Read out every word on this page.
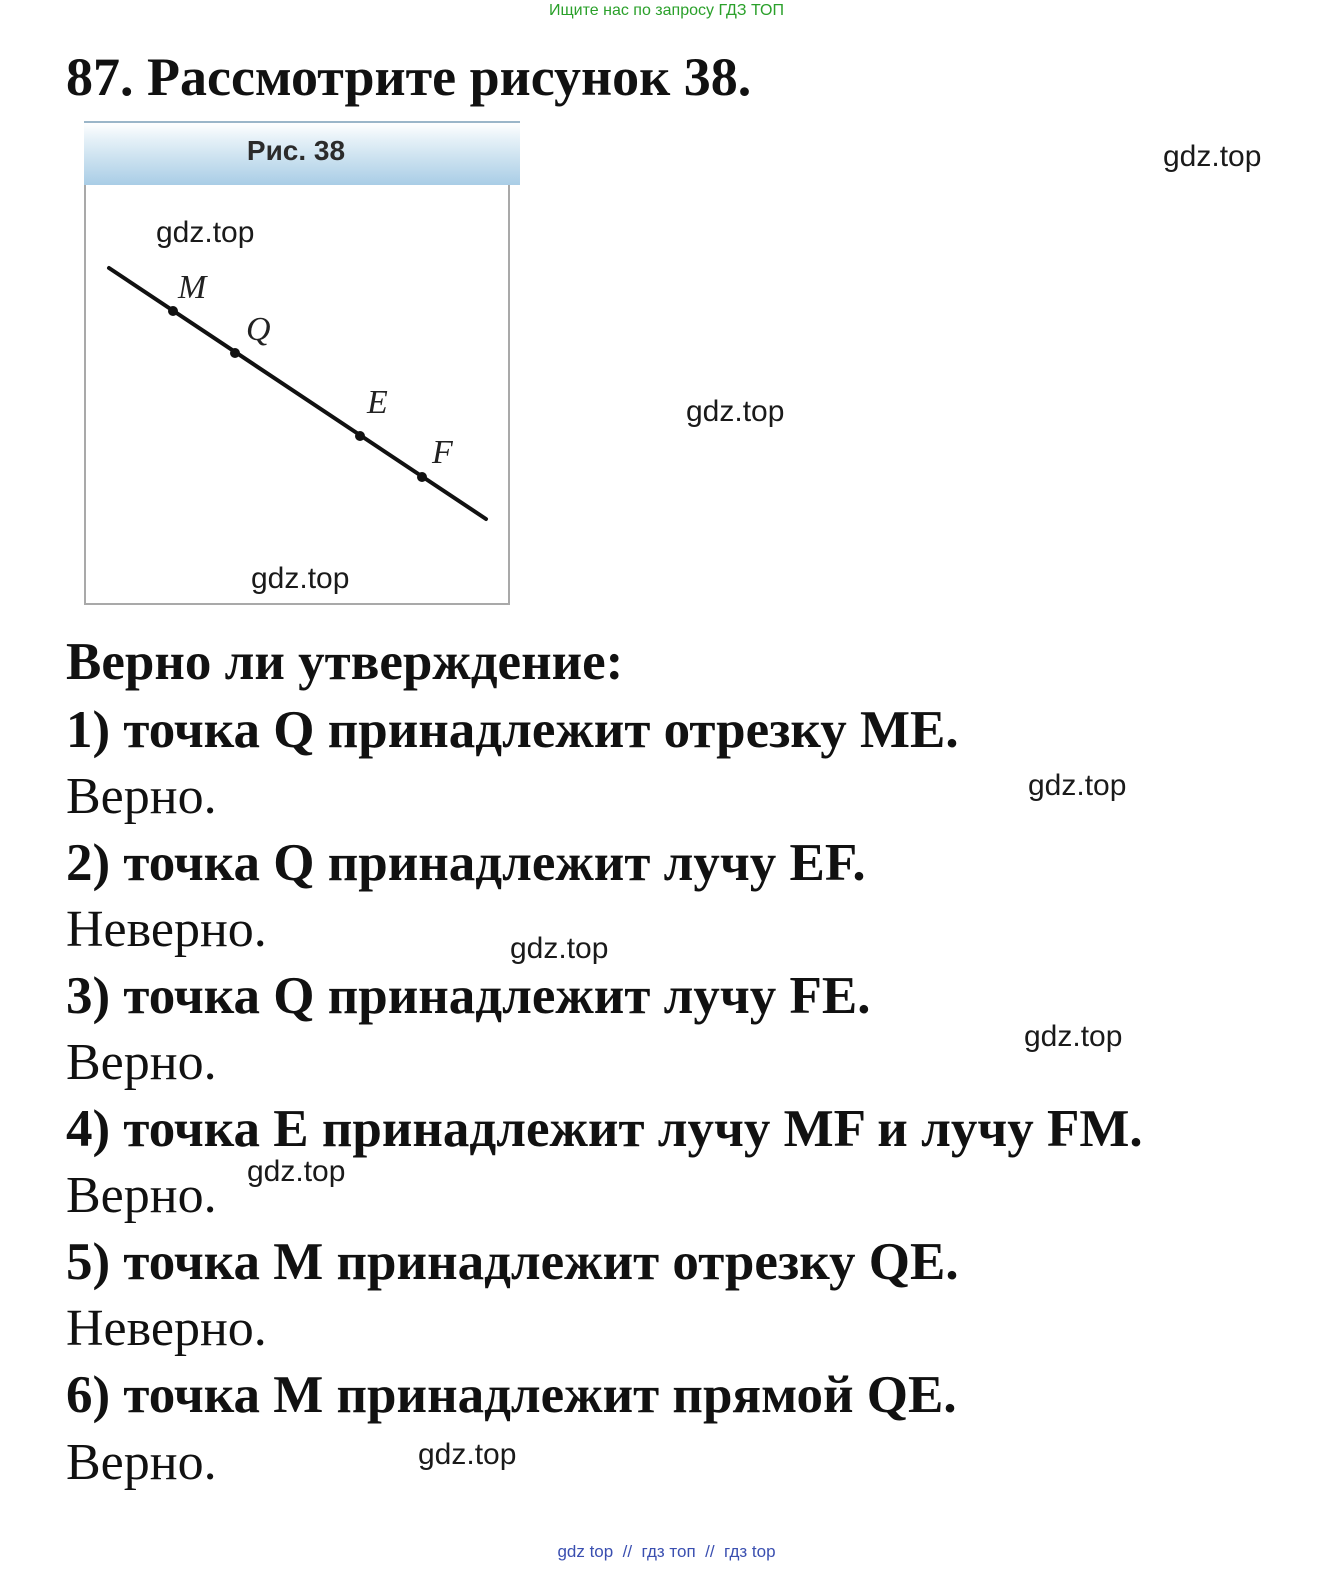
Ищите нас по запросу ГДЗ ТОП
87. Рассмотрите рисунок 38.
Рис. 38
M
Q
E
F
Верно ли утверждение:
1) точка Q принадлежит отрезку ME.
Верно.
2) точка Q принадлежит лучу EF.
Неверно.
3) точка Q принадлежит лучу FE.
Верно.
4) точка E принадлежит лучу MF и лучу FM.
Верно.
5) точка M принадлежит отрезку QE.
Неверно.
6) точка M принадлежит прямой QE.
Верно.
gdz.top
gdz.top
gdz.top
gdz.top
gdz.top
gdz.top
gdz.top
gdz.top
gdz.top
gdz top  //  гдз топ  //  гдз top
